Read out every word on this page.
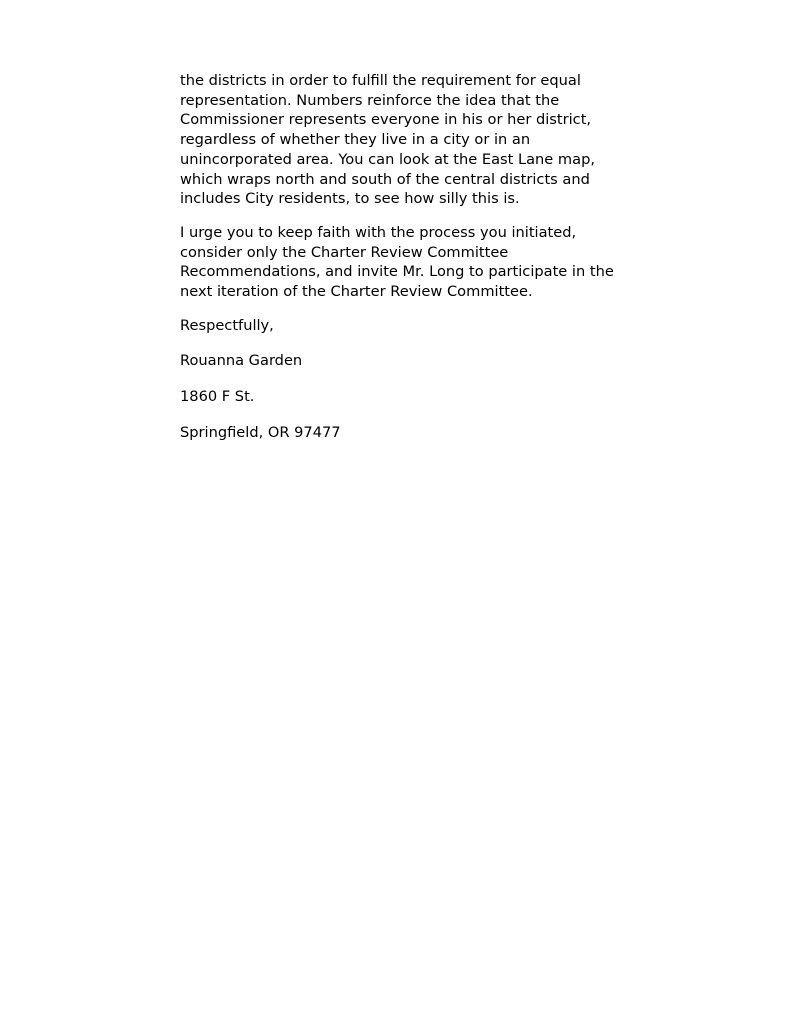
the districts in order to fulfill the requirement for equal
representation. Numbers reinforce the idea that the
Commissioner represents everyone in his or her district,
regardless of whether they live in a city or in an
unincorporated area. You can look at the East Lane map,
which wraps north and south of the central districts and
includes City residents, to see how silly this is.

I urge you to keep faith with the process you initiated,
consider only the Charter Review Committee
Recommendations, and invite Mr. Long to participate in the
next iteration of the Charter Review Committee.

Respectfully,
Rouanna Garden
1860 F St.
Springfield, OR 97477
